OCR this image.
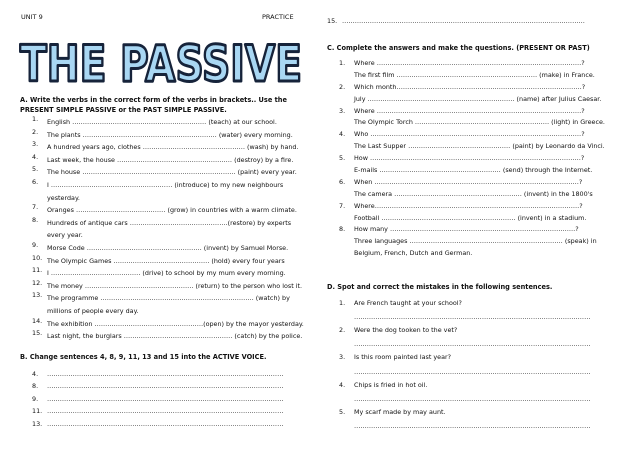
UNIT 9	PRACTICE
THE PASSIVE
A. Write the verbs in the correct form of the verbs in brackets.. Use the
PRESENT SIMPLE PASSIVE or the PAST SIMPLE PASSIVE.
1. English ……………………………………………………… (teach) at our school.
2. The plants ……………………………………………………… (water) every morning.
3. A hundred years ago, clothes ………………………………………… (wash) by hand.
4. Last week, the house ……………………………………………… (destroy) by a fire.
5. The house ……………………………………………………………… (paint) every year.
6. I ………………………………………………… (introduce) to my new neighbours
yesterday.
7. Oranges …………………………………… (grow) in countries with a warm climate.
8. Hundreds of antique cars ……………………………………….(restore) by experts
every year.
9. Morse Code ……………………………………………… (invent) by Samuel Morse.
10. The Olympic Games ……………………………………… (hold) every four years
11. I …………………………………… (drive) to school by my mum every morning.
12. The money …………………………………………… (return) to the person who lost it.
13. The programme ……………………………………………………………… (watch) by
millions of people every day.
14. The exhibition ……………………………………………(open) by the mayor yesterday.
15. Last night, the burglars …………………………………………… (catch) by the police.
B. Change sentences 4, 8, 9, 11, 13 and 15 into the ACTIVE VOICE.
4. …………………………………………………………………………………………………
8. …………………………………………………………………………………………………
9. …………………………………………………………………………………………………
11. …………………………………………………………………………………………………
13. …………………………………………………………………………………………………
15. ……………………………………………………………………………………………………
C. Complete the answers and make the questions. (PRESENT OR PAST)
1. Where ……………………………………………………………………………………?
The first film ………………………………………………………… (make) in France.
2. Which month……………………………………………………………………………?
July …………………………………………………………… (name) after Julius Caesar.
3. Where ……………………………………………………………………………………?
The Olympic Torch ……………………………………………………… (light) in Greece.
4. Who ………………………………………………………………………………………?
The Last Supper ………………………………………… (paint) by Leonardo da Vinci.
5. How ………………………………………………………………………………………?
E-mails ………………………………………………… (send) through the Internet.
6. When ……………………………………………………………………………………?
The camera …………………………………………………… (invent) in the 1800's
7. Where……………………………………………………………………………………?
Football ……………………………………………………… (invent) in a stadium.
8. How many ……………………………………………………………………………?
Three languages ……………………………………………………………… (speak) in
Belgium, French, Dutch and German.
D. Spot and correct the mistakes in the following sentences.
1. Are French taught at your school?
…………………………………………………………………………………………………
2. Were the dog tooken to the vet?
…………………………………………………………………………………………………
3. Is this room painted last year?
…………………………………………………………………………………………………
4. Chips is fried in hot oil.
…………………………………………………………………………………………………
5. My scarf made by may aunt.
…………………………………………………………………………………………………
